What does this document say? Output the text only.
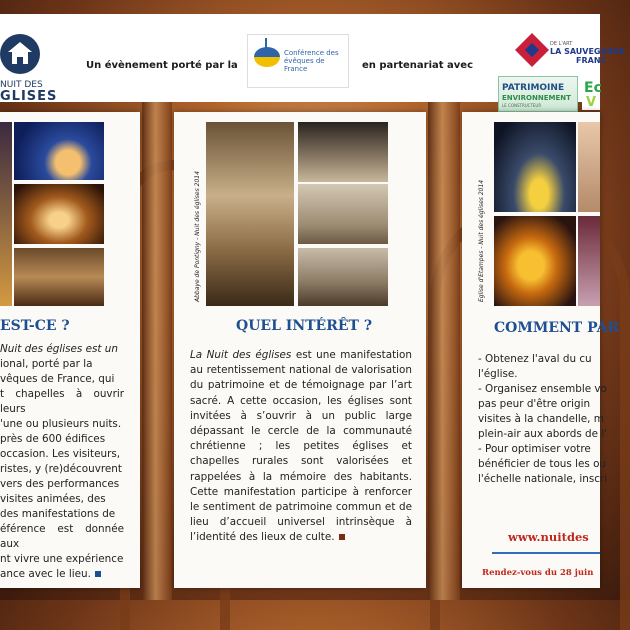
NUIT DES
GLISES
Un évènement porté par la
Conférence des évêques de France	en partenariat avec
DE L'ART
LA SAUVEGARDE
FRANC
PATRIMOINE
ENVIRONNEMENT
LE CONSTRUCTEUR
Ec
V
EST-CE ?

Nuit des églises est un

ional, porté par la

vêques de France, qui

t chapelles à ouvrir leurs

'une ou plusieurs nuits.

près de 600 édifices

occasion. Les visiteurs,

ristes, y (re)découvrent

vers des performances

visites animées, des

des manifestations de

éférence est donnée aux

nt vivre une expérience

ance avec le lieu.

Abbaye de Pontigny - Nuit des églises 2014
QUEL INTÉRÊT ?
La Nuit des églises est une manifestation au retentissement national de valorisation du patrimoine et de témoignage par l’art sacré. A cette occasion, les églises sont invitées à s’ouvrir à un public large dépassant le cercle de la communauté chrétienne ; les petites églises et chapelles rurales sont valorisées et rappelées à la mémoire des habitants. Cette manifestation participe à renforcer le sentiment de patrimoine commun et de lieu d’accueil universel intrinsèque à l’identité des lieux de culte.
Eglise d'Etampes - Nuit des églises 2014
COMMENT PAR

- Obtenez l'aval du cu

l'église.

- Organisez ensemble vo

pas peur d'être origin

visites à la chandelle, m

plein-air aux abords de l'

- Pour optimiser votre

bénéficier de tous les ou

l'échelle nationale, inscri

www.nuitdes
Rendez-vous du 28 juin
